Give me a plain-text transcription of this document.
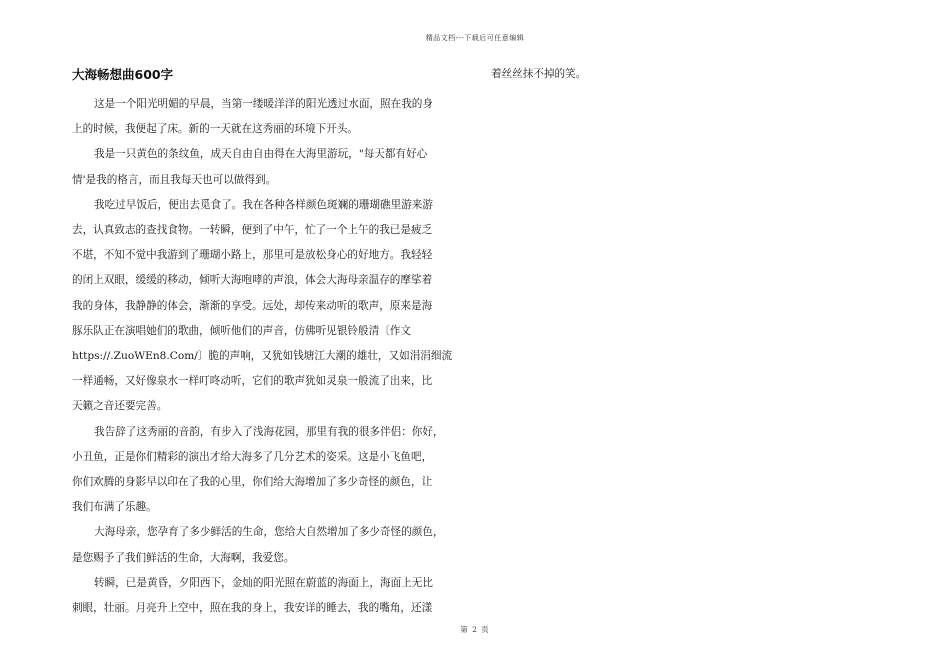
精品文档---下载后可任意编辑
大海畅想曲600字

这是一个阳光明媚的早晨，当第一缕暖洋洋的阳光透过水面，照在我的身
上的时候，我便起了床。新的一天就在这秀丽的环境下开头。

我是一只黄色的条纹鱼，成天自由自由得在大海里游玩，"每天都有好心
情'是我的格言，而且我每天也可以做得到。

我吃过早饭后，便出去觅食了。我在各种各样颜色斑斓的珊瑚礁里游来游
去，认真致志的查找食物。一转瞬，便到了中午，忙了一个上午的我已是疲乏
不堪，不知不觉中我游到了珊瑚小路上，那里可是放松身心的好地方。我轻轻
的闭上双眼，缓缓的移动，倾听大海咆哮的声浪，体会大海母亲温存的摩挲着
我的身体，我静静的体会，渐渐的享受。远处，却传来动听的歌声，原来是海
豚乐队正在演唱她们的歌曲，倾听他们的声音，仿佛听见银铃般清〔作文
https://.ZuoWEn8.Com/〕脆的声响，又犹如钱塘江大潮的雄壮，又如涓涓细流
一样通畅，又好像泉水一样叮咚动听，它们的歌声犹如灵泉一般流了出来，比
天籁之音还要完善。

我告辞了这秀丽的音韵，有步入了浅海花园，那里有我的很多伴侣：你好，
小丑鱼，正是你们精彩的演出才给大海多了几分艺术的姿采。这是小飞鱼吧，
你们欢腾的身影早以印在了我的心里，你们给大海增加了多少奇怪的颜色，让
我们布满了乐趣。

大海母亲，您孕育了多少鲜活的生命，您给大自然增加了多少奇怪的颜色，
是您赐予了我们鲜活的生命，大海啊，我爱您。

转瞬，已是黄昏，夕阳西下，金灿的阳光照在蔚蓝的海面上，海面上无比
刺眼，壮丽。月亮升上空中，照在我的身上，我安详的睡去，我的嘴角，还漾

着丝丝抹不掉的笑。
第 2 页
